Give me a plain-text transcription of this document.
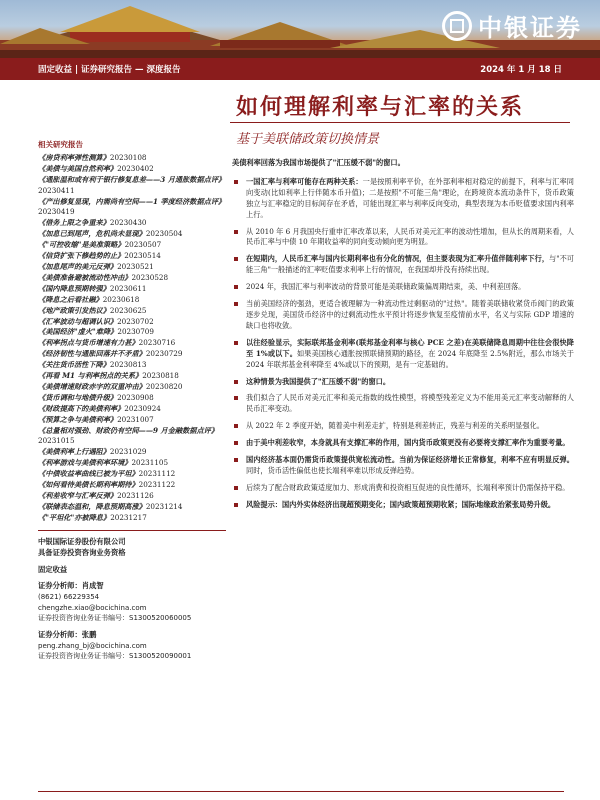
中银证券
固定收益 | 证券研究报告 — 深度报告	2024 年 1 月 18 日
如何理解利率与汇率的关系
基于美联储政策切换情景
相关研究报告
《房贷利率弹性测算》20230108
《美债与美国自然利率》20230402
《通胀温和或有利于银行修复息差——3 月通胀数据点评》20230411
《产出修复显现，内需尚有空间——1 季度经济数据点评》20230419
《借务上限之争重来》20230430
《加息已到尾声，危机尚未显现》20230504
《"可控收缩"是美准策略》20230507
《信贷扩张下修趋势的止》20230514
《加息尾声的美元反弹》20230521
《美债准备避被流动性冲击》20230528
《国内降息预期转强》20230611
《降息之后看社融》20230618
《地产政策引发热议》20230625
《汇率波动与超调认识》20230702
《美国经济"虚火"难降》20230709
《利率拐点与货币增速有力甚》20230716
《经济韧性与通胀回落并不矛盾》20230729
《关注货币活性下降》20230813
《再看 M1 与利率拐点的关系》20230818
《美债增速财政赤字的双重冲击》20230820
《货币调和与地债升级》20230908
《财政提高下的美债利率》20230924
《预算之争与美债利率》20231007
《总量相对强劲、财政仍有空间——9 月金融数据点评》20231015
《美债利率上行遇阻》20231029
《利率游戏与美债利率环境》20231105
《中债收益率曲线已被为平坦》20231112
《如何看待美债长期利率期待》20231122
《利差收窄与汇率反弹》20231126
《联储表态温和，降息预期高涨》20231214
《"平坦化"亦被降息》20231217
中银国际证券股份有限公司
具备证券投资咨询业务资格
固定收益
证券分析师：肖成智
(8621) 66229354
chengzhe.xiao@bocichina.com
证券投资咨询业务证书编号：S1300520060005
证券分析师：张鹏
peng.zhang_bj@bocichina.com
证券投资咨询业务证书编号：S1300520090001
美债利率回落为我国市场提供了"汇压缓不弱"的窗口。
一国汇率与利率可能存在两种关系：一是按照利率平价，在外部利率相对稳定的前提下，利率与汇率同向变动(比如利率上行伴随本币升值)；二是按照"不可能三角"理论，在跨境资本流动条件下，货币政策独立与汇率稳定的目标间存在矛盾，可能出现汇率与利率反向变动，典型表现为本币贬值要求国内利率上行。
从 2010 年 6 月我国央行重申汇率改革以来，人民币对美元汇率的波动性增加，但从长的周期来看，人民币汇率与中债 10 年期收益率的同向变动倾向更为明显。
在短期内，人民币汇率与国内长期利率也有分化的情况，但主要表现为汇率升值伴随利率下行，与"不可能三角"一般描述的汇率贬值要求利率上行的情况，在我国却并没有持续出现。
2024 年，我国汇率与利率波动的背景可能是美联储政策偏周期结束，美、中利差回落。
当前美国经济的强劲，更适合被理解为一种流动性过剩驱动的"过热"。随着美联储收紧货币阀门的政策逐步兑现，美国货币经济中的过剩流动性水平预计将逐步恢复至疫情前水平，名义与实际 GDP 增速的缺口也将收敛。
以往经验显示，实际联邦基金利率(联邦基金利率与核心 PCE 之差)在美联储降息周期中往往会很快降至 1%或以下。如果美国核心通胀按照联储预期的路径，在 2024 年底降至 2.5%附近，那么市场关于 2024 年联邦基金利率降至 4%或以下的预期，是有一定基础的。
这种情景为我国提供了"汇压缓不弱"的窗口。
我们拟合了人民币对美元汇率和美元指数的线性模型，将模型残差定义为不能用美元汇率变动解释的人民币汇率变动。
从 2022 年 2 季度开始，随着美中利差走扩，特别是利差转正，残差与利差的关系明显强化。
由于美中利差收窄，本身就具有支撑汇率的作用，国内货币政策更没有必要将支撑汇率作为重要考量。
国内经济基本面仍需货币政策提供宽松流动性。当前为保证经济增长正常修复，利率不应有明显反弹。同时，货币活性偏低也使长端利率难以形成反弹趋势。
后续为了配合财政政策适度加力、形成消费和投资相互促进的良性循环，长端利率预计仍需保持平稳。
风险提示：国内外实体经济出现超预期变化；国内政策超预期收紧；国际地缘政治紧张局势升级。
